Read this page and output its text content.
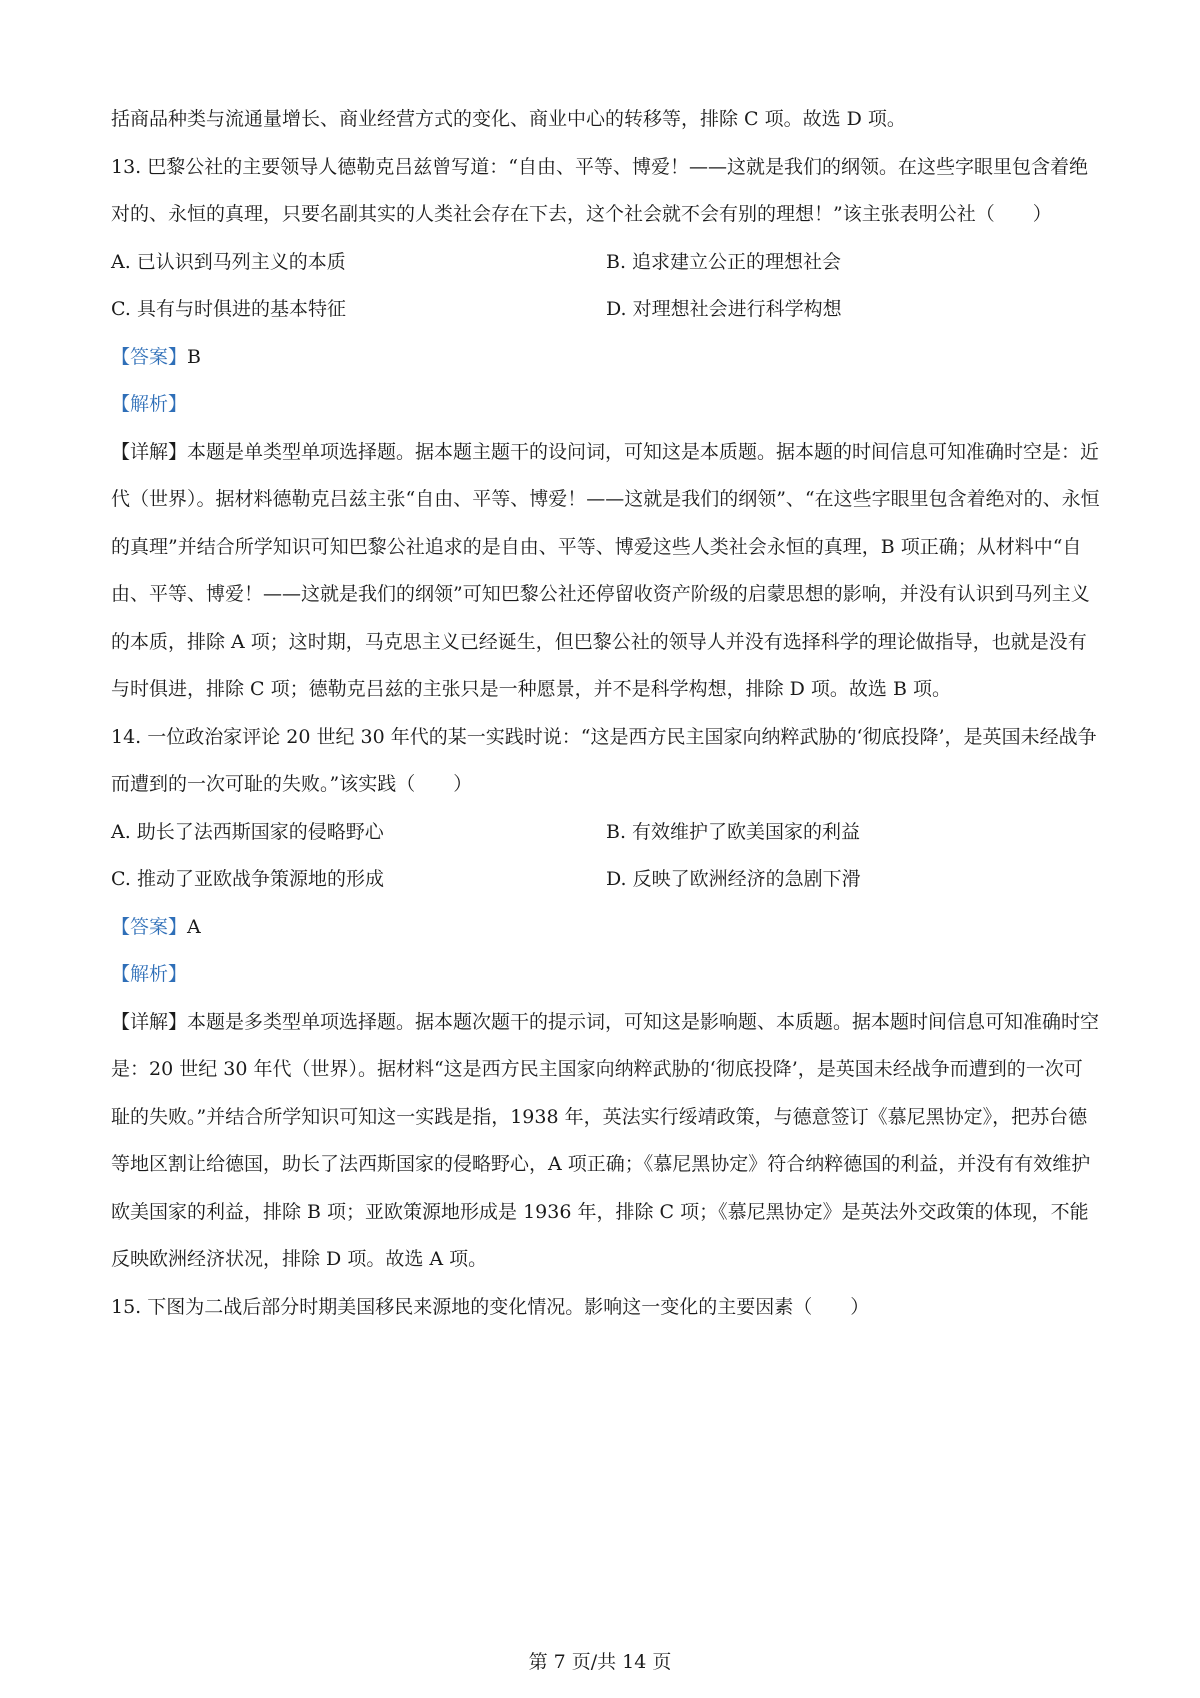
括商品种类与流通量增长、商业经营方式的变化、商业中心的转移等，排除 C 项。故选 D 项。

13. 巴黎公社的主要领导人德勒克吕兹曾写道：“自由、平等、博爱！——这就是我们的纲领。在这些字眼里包含着绝对的、永恒的真理，只要名副其实的人类社会存在下去，这个社会就不会有别的理想！”该主张表明公社（　　）

A. 已认识到马列主义的本质	B. 追求建立公正的理想社会
C. 具有与时俱进的基本特征	D. 对理想社会进行科学构想

【答案】B

【解析】

【详解】本题是单类型单项选择题。据本题主题干的设问词，可知这是本质题。据本题的时间信息可知准确时空是：近代（世界）。据材料德勒克吕兹主张“自由、平等、博爱！——这就是我们的纲领”、“在这些字眼里包含着绝对的、永恒的真理”并结合所学知识可知巴黎公社追求的是自由、平等、博爱这些人类社会永恒的真理，B 项正确；从材料中“自由、平等、博爱！——这就是我们的纲领”可知巴黎公社还停留收资产阶级的启蒙思想的影响，并没有认识到马列主义的本质，排除 A 项；这时期，马克思主义已经诞生，但巴黎公社的领导人并没有选择科学的理论做指导，也就是没有与时俱进，排除 C 项；德勒克吕兹的主张只是一种愿景，并不是科学构想，排除 D 项。故选 B 项。

14. 一位政治家评论 20 世纪 30 年代的某一实践时说：“这是西方民主国家向纳粹武胁的‘彻底投降’，是英国未经战争而遭到的一次可耻的失败。”该实践（　　）

A. 助长了法西斯国家的侵略野心	B. 有效维护了欧美国家的利益
C. 推动了亚欧战争策源地的形成	D. 反映了欧洲经济的急剧下滑

【答案】A

【解析】

【详解】本题是多类型单项选择题。据本题次题干的提示词，可知这是影响题、本质题。据本题时间信息可知准确时空是：20 世纪 30 年代（世界）。据材料“这是西方民主国家向纳粹武胁的‘彻底投降’，是英国未经战争而遭到的一次可耻的失败。”并结合所学知识可知这一实践是指，1938 年，英法实行绥靖政策，与德意签订《慕尼黑协定》，把苏台德等地区割让给德国，助长了法西斯国家的侵略野心，A 项正确；《慕尼黑协定》符合纳粹德国的利益，并没有有效维护欧美国家的利益，排除 B 项；亚欧策源地形成是 1936 年，排除 C 项；《慕尼黑协定》是英法外交政策的体现，不能反映欧洲经济状况，排除 D 项。故选 A 项。

15. 下图为二战后部分时期美国移民来源地的变化情况。影响这一变化的主要因素（　　）

第 7 页/共 14 页
